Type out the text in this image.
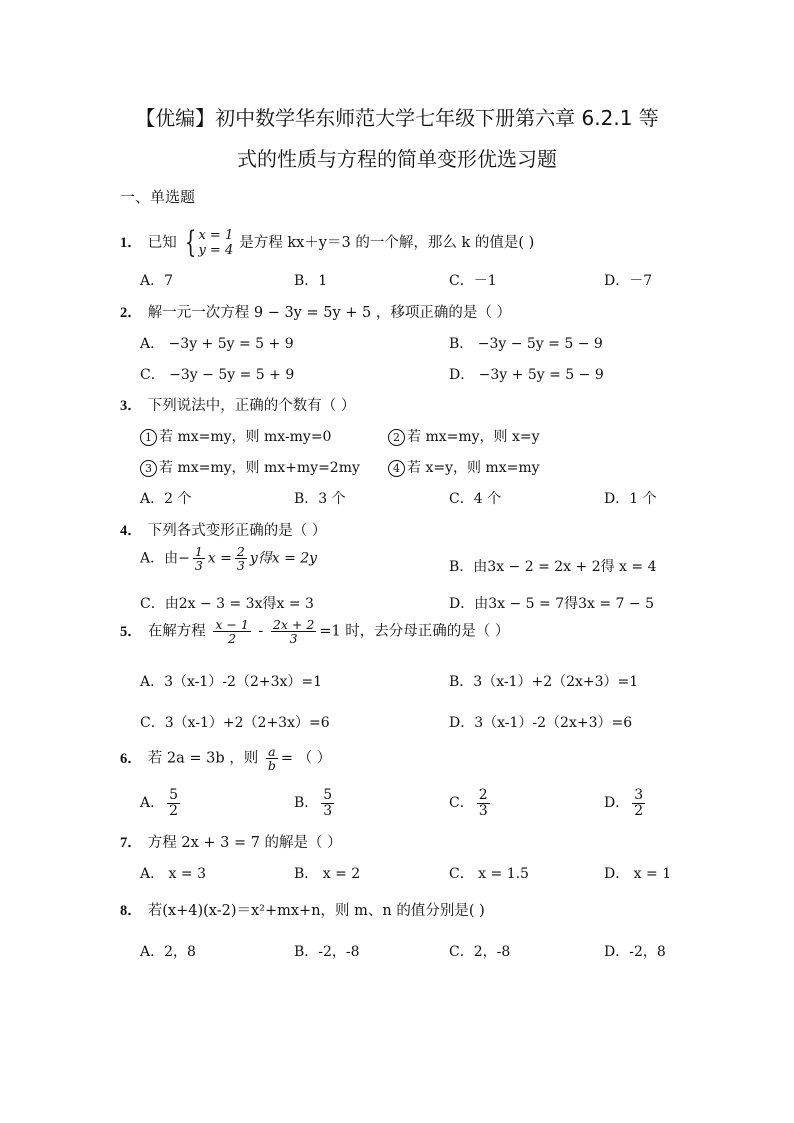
【优编】初中数学华东师范大学七年级下册第六章 6.2.1 等
式的性质与方程的简单变形优选习题
一、单选题
1． 已知 { x = 1
y = 4 是方程 kx＋y＝3 的一个解，那么 k 的值是( )
A．7	B．1	C．－1	D．－7
2． 解一元一次方程 9 − 3y = 5y + 5 ，移项正确的是（ ）
A． −3y + 5y = 5 + 9	B． −3y − 5y = 5 − 9
C． −3y − 5y = 5 + 9	D． −3y + 5y = 5 − 9
3． 下列说法中，正确的个数有（ ）
1 若 mx=my，则 mx-my=0	2 若 mx=my，则 x=y
3 若 mx=my，则 mx+my=2my	4 若 x=y，则 mx=my
A．2 个	B．3 个	C．4 个	D．1 个
4． 下列各式变形正确的是（ ）
A．由− $\frac{1}{3}$ $x = \frac{2}{3}$ y得x = 2y
B．由3x − 2 = 2x + 2得 x = 4
C．由2x − 3 = 3x得x = 3	D．由3x − 5 = 7得3x = 7 − 5
5． 在解方程 $\frac{x - 1}{2} - \frac{2x + 2}{3} =1$ 时，去分母正确的是（ ）
A．3（x-1）-2（2+3x）=1	B．3（x-1）+2（2x+3）=1
C．3（x-1）+2（2+3x）=6	D．3（x-1）-2（2x+3）=6
6． 若 2a = 3b ，则 $\frac{a}{b}$ = （ ）
A． $\frac{5}{2}$	B． $\frac{5}{3}$	C． $\frac{2}{3}$	D． $\frac{3}{2}$
7． 方程 2x + 3 = 7 的解是（ ）
A． x = 3	B． x = 2	C． x = 1.5	D． x = 1
8． 若(x+4)(x-2)＝x²+mx+n，则 m、n 的值分别是( )
A．2，8	B．-2，-8	C．2，-8	D．-2，8
